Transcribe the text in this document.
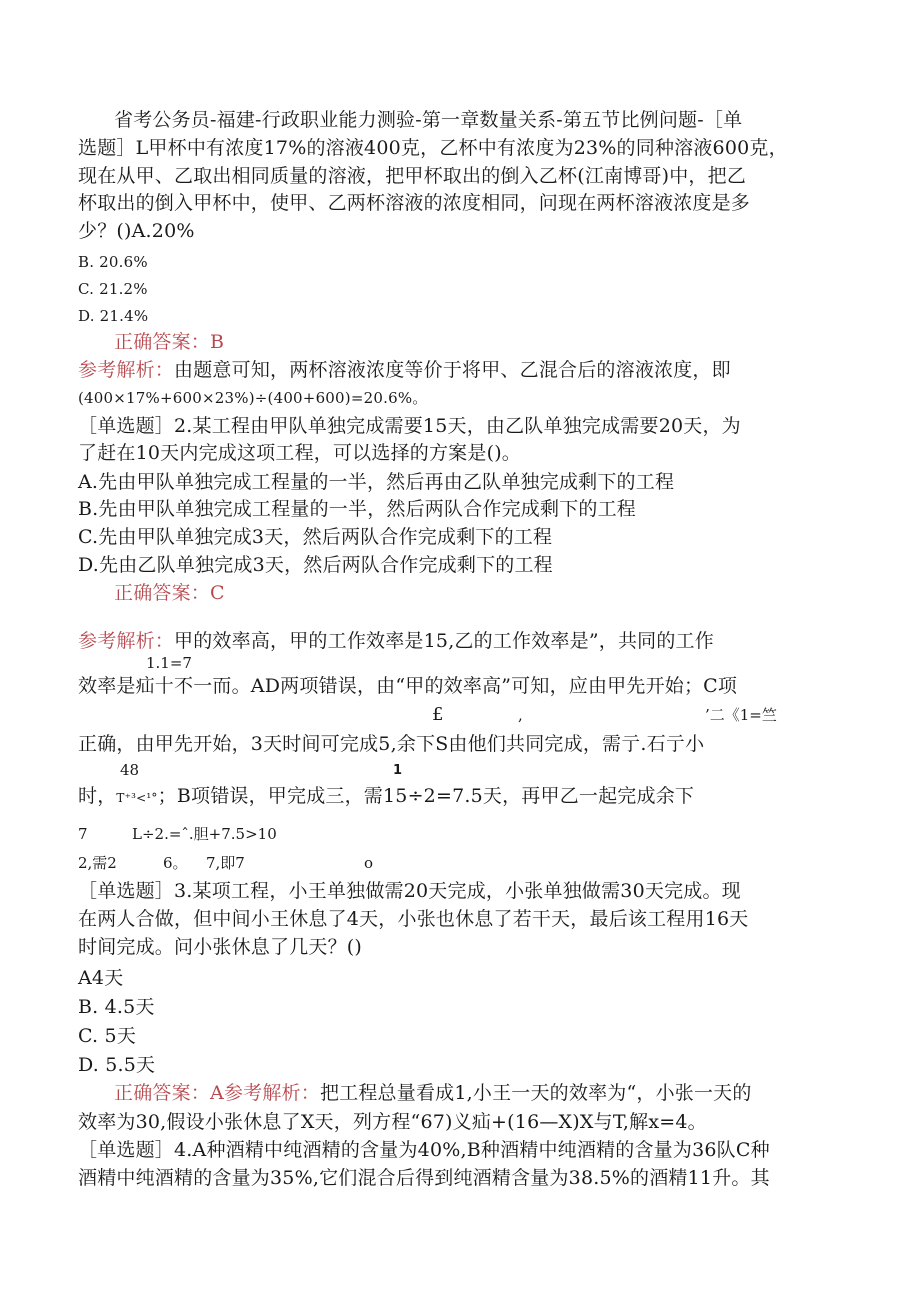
省考公务员-福建-行政职业能力测验-第一章数量关系-第五节比例问题-［单
选题］L甲杯中有浓度17%的溶液400克，乙杯中有浓度为23%的同种溶液600克，
现在从甲、乙取出相同质量的溶液，把甲杯取出的倒入乙杯(江南博哥)中，把乙
杯取出的倒入甲杯中，使甲、乙两杯溶液的浓度相同，问现在两杯溶液浓度是多
少？()A.20%
B. 20.6%
C. 21.2%
D. 21.4%
正确答案：B
参考解析：由题意可知，两杯溶液浓度等价于将甲、乙混合后的溶液浓度，即
(400×17%+600×23%)÷(400+600)=20.6%。
［单选题］2.某工程由甲队单独完成需要15天，由乙队单独完成需要20天，为
了赶在10天内完成这项工程，可以选择的方案是()。
A.先由甲队单独完成工程量的一半，然后再由乙队单独完成剩下的工程
B.先由甲队单独完成工程量的一半，然后两队合作完成剩下的工程
C.先由甲队单独完成3天，然后两队合作完成剩下的工程
D.先由乙队单独完成3天，然后两队合作完成剩下的工程
正确答案：C
参考解析：甲的效率高，甲的工作效率是15,乙的工作效率是”，共同的工作
1.1=7
效率是疝十不一而。AD两项错误，由“甲的效率高”可知，应由甲先开始；C项
£	,	’二《1=竺
正确，由甲先开始，3天时间可完成5,余下S由他们共同完成，需亍.石亍小
48	1
时，T⁺³<¹°；B项错误，甲完成三，需15÷2=7.5天，再甲乙一起完成余下
7	L÷2.=ˆ.胆+7.5>10
2,需2	6。 7,即7	o
［单选题］3.某项工程，小王单独做需20天完成，小张单独做需30天完成。现
在两人合做，但中间小王休息了4天，小张也休息了若干天，最后该工程用16天
时间完成。问小张休息了几天？()
A4天
B. 4.5天
C. 5天
D. 5.5天
正确答案：A参考解析：把工程总量看成1,小王一天的效率为“，小张一天的
效率为30,假设小张休息了X天，列方程“67)义疝+(16—X)X与T,解x=4。
［单选题］4.A种酒精中纯酒精的含量为40%,B种酒精中纯酒精的含量为36队C种
酒精中纯酒精的含量为35%,它们混合后得到纯酒精含量为38.5%的酒精11升。其
